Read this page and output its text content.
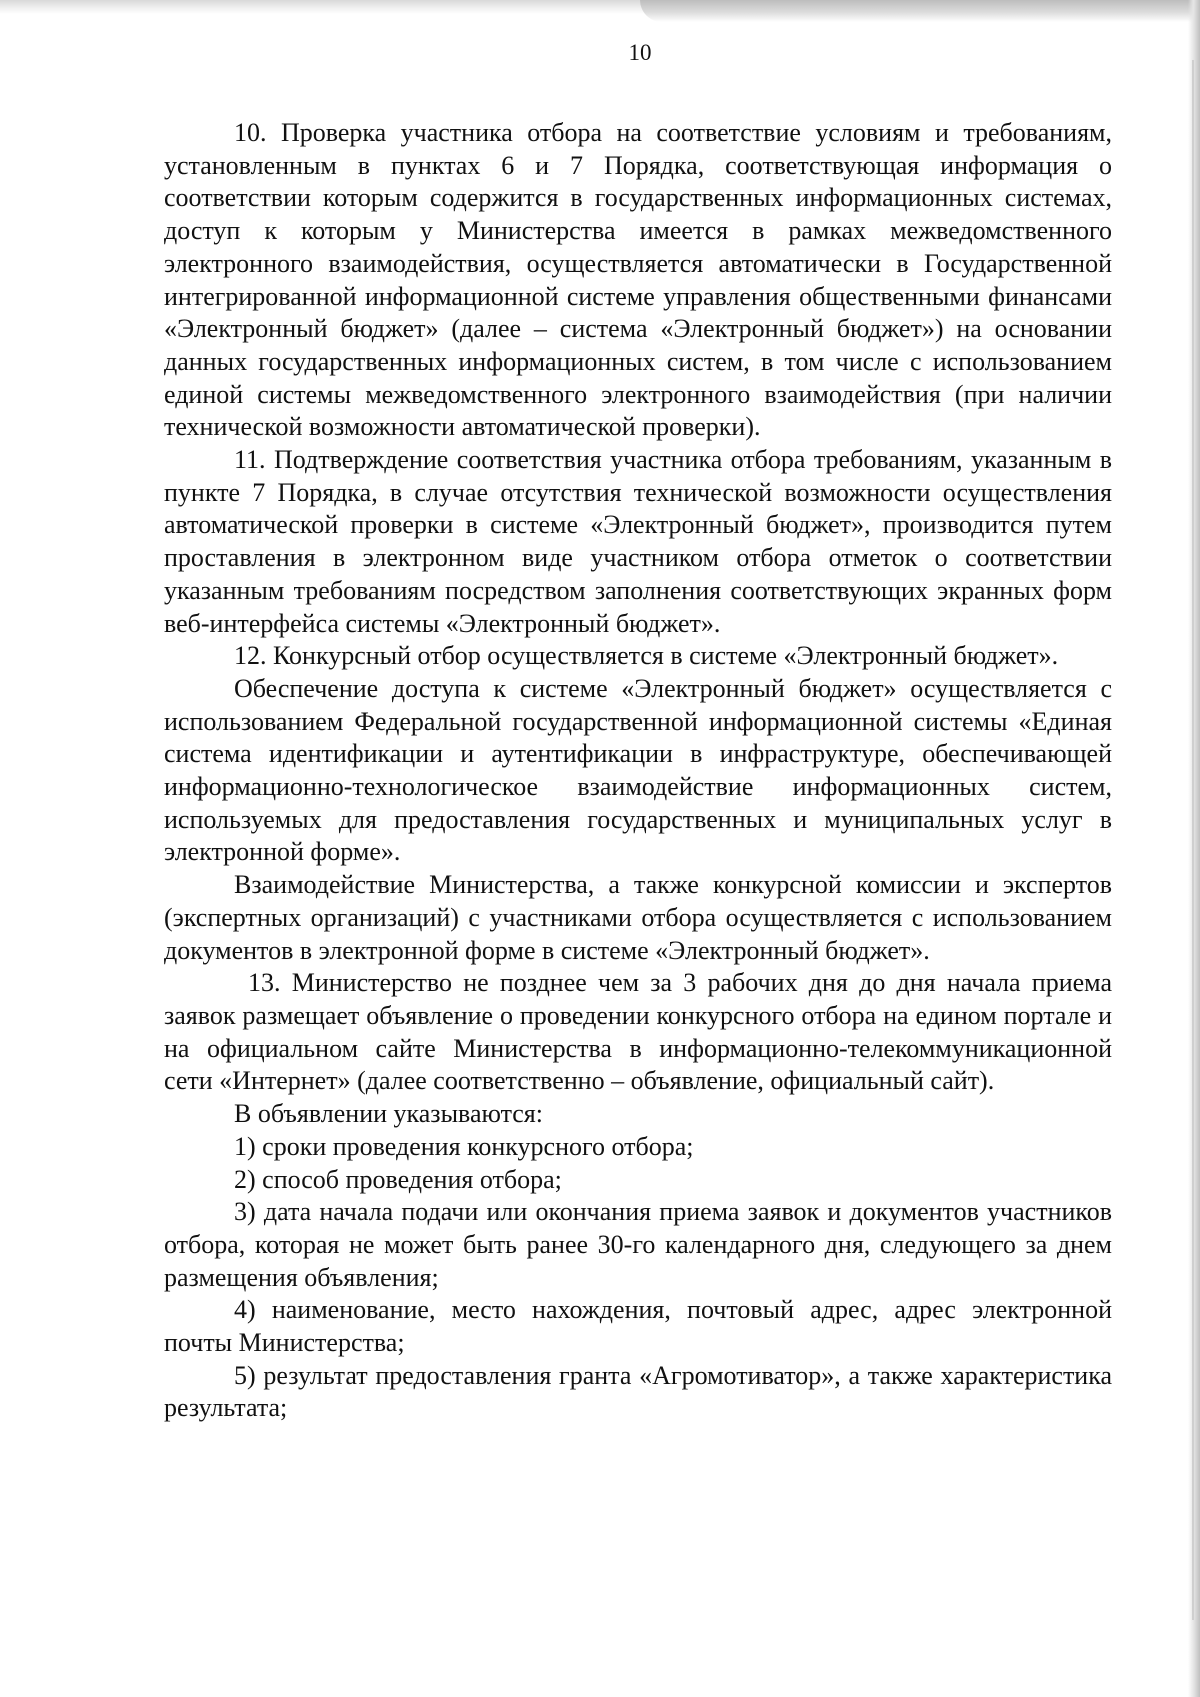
10

10. Проверка участника отбора на соответствие условиям и требованиям, установленным в пунктах 6 и 7 Порядка, соответствующая информация о соответствии которым содержится в государственных информационных системах, доступ к которым у Министерства имеется в рамках межведомственного электронного взаимодействия, осуществляется автоматически в Государственной интегрированной информационной системе управления общественными финансами «Электронный бюджет» (далее – система «Электронный бюджет») на основании данных государственных информационных систем, в том числе с использованием единой системы межведомственного электронного взаимодействия (при наличии технической возможности автоматической проверки).

11. Подтверждение соответствия участника отбора требованиям, указанным в пункте 7 Порядка, в случае отсутствия технической возможности осуществления автоматической проверки в системе «Электронный бюджет», производится путем проставления в электронном виде участником отбора отметок о соответствии указанным требованиям посредством заполнения соответствующих экранных форм веб-интерфейса системы «Электронный бюджет».

12. Конкурсный отбор осуществляется в системе «Электронный бюджет».

Обеспечение доступа к системе «Электронный бюджет» осуществляется с использованием Федеральной государственной информационной системы «Единая система идентификации и аутентификации в инфраструктуре, обеспечивающей информационно-технологическое взаимодействие информационных систем, используемых для предоставления государственных и муниципальных услуг в электронной форме».

Взаимодействие Министерства, а также конкурсной комиссии и экспертов (экспертных организаций) с участниками отбора осуществляется с использованием документов в электронной форме в системе «Электронный бюджет».

13. Министерство не позднее чем за 3 рабочих дня до дня начала приема заявок размещает объявление о проведении конкурсного отбора на едином портале и на официальном сайте Министерства в информационно-телекоммуникационной сети «Интернет» (далее соответственно – объявление, официальный сайт).

В объявлении указываются:

1) сроки проведения конкурсного отбора;

2) способ проведения отбора;

3) дата начала подачи или окончания приема заявок и документов участников отбора, которая не может быть ранее 30-го календарного дня, следующего за днем размещения объявления;

4) наименование, место нахождения, почтовый адрес, адрес электронной почты Министерства;

5) результат предоставления гранта «Агромотиватор», а также характеристика результата;
